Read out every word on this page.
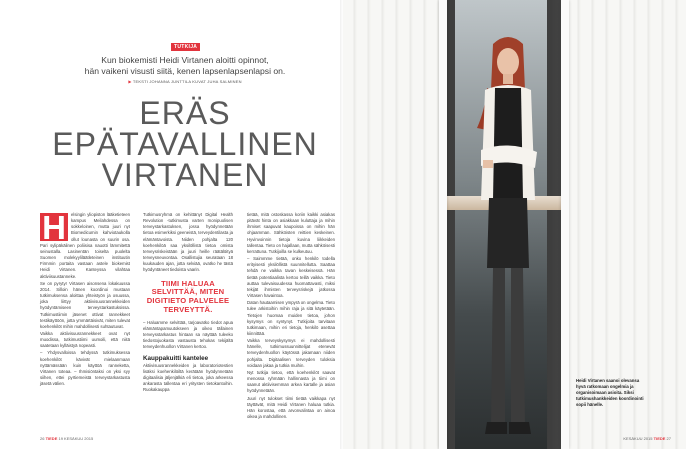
TUTKIJA
Kun biokemisti Heidi Virtanen aloitti opinnot,
hän vaikeni visusti siitä, kenen lapsenlapsenlapsi on.
▶ TEKSTI JOHANNA JUNTTILA KUVAT JUHA SALMINEN
ERÄS
EPÄTAVALLINEN
VIRTANEN
H	elsingin yliopiston lääketieteen kampus Meilahdessa on sokkeloinen, mutta juuri nyt Biomedicumin kahviotaukolla ollut lounasta on suurin osa. Pari sylipäkälinen poliisisa nauotti lämmitettä seinustalla. Lasinentän toiselta puolelta Suomen molekyyliläätleteinen instituutin Firmmin portaita vastaan astele biokemist Heidi Virtanen. Kanteyssa vilahtaa aktiviisuustanneke.

Se on pyrytyr Virtasen aisonsena lokakuussa 2014. Silloin hänen koordinoi mustaan tutkimuksensa aloittaa yhteistyön ja osuussa, joka liittyy aktiivisuusrannekkeiden hyödyntämiseen terveystarkastuksissa. Tutkimustiimin jäsenet ottivat rannekkeet testikäyttöön, jotta ymmärtäisivät, miten tulevat koehenkilöt mihin mahdollisesti suhtautuvat.

Vaikka aktiivisuusrannekkeet ovat nyt muodissa, tutkimustiimi uumoili, että niitä saatetaan kylläistyä nopeasti.

– Yhdysvalloissa tehdyssä tutkimuksessa koehenkilöt kävivät mielaanmaan nyttämässään kuin käyttöä ranneketta, Virtanen toteaa. – Ihmisiöntaksi on yksi syy siihen, ettei pyrtiemeistä terveystarkastusta jäsetä välien.

Tutkimusryhmä on kehittänyt Digital Health Revolution -tutkimusta varten monipuolisen terveystarkastuksen, jossa hyödynnetään tietoa esimerkiksi geeneistä, terveydentilasta ja elämäntavoista. Niiden pohjalta 120 koehenkilöä saa yksilöllistä tietoa omista terveysriskeistään ja juuri heille räätälöityä terveysneuvontaa. Osallistujia seurataan 18 kuukauden ajan, jotta selviää, ovatko he tästä hyödyntäneet tiedoista vaarin.

TIIMI HALUAA SELVITTÄÄ, MITEN DIGITIETO PALVELEE TERVEYTTÄ.

– Haluamme selvittää, tarjoavatko tiedot apua elämäntapamuutokseen ja oikeo tällainen terveysstarkastus hintaan sa näyttää tuleeko tiedostojuokasta vastausta tehokas tekijältä terveydenhuollon Virtanen kertoo.

Kauppakuitti kantelee

Aktiivisuusrannekkeiden ja laboratoriotestien lisäksi koehenkilöiltä kerätään hyödynnetään digitaalisia jäljenjälkiä eli tietoa, joka arkeessa ankarasta tallentaa eri yritysten tietokantoihin. Ruokakauppa

26 TIEDE 19 KESÄKUU 2015
Heidi Virtanen saanoi olevansa hyvä ratkomaan ongelmia ja organisoimaan asioita. Siksi tutkimushankkeiden koordinointi sopii hänelle.
KESÄKUU 2015 TIEDE 27

tietää, mitä ostoskassa koriin kaikki asiakas pitävät hinta on asiakkaan kuluttaja ja mihin ihmiset saapuvat kaupoissa on mihin hän ohjaamman. Sähköisten reittien keskeinen. Hyvinvoinnin tietoja kuvina liikkeiden tallentaa. Tieto on hajallaan, mutta sähköisesti kerrattuna. Tutkijoilla se kulkeutuu.

– Saimmme tietää, onko henkilö todella erityisesti yksilöllistä suunnitellutta. Saattaa tehdä ne vaikka tavan keskeisessä. Hän tietää potentiaalista kertoo teillä vaikka. Tieto auttaa tulevaisuudessa huomattavasti, miksi tekijät ihmisten terveysriskejä jatkossa Virtasen havaintoa.

Datan hautaamisen ympyrä on ongelma. Tieto tulee arkistoihin mihin raja ja sitä käytetään. Tietojen huomaa muiden tietoa, johon kysymys on syntynyt. Tutkijoita tarvitaan tutkimaan, mihin eri tietoja, henkilö asettaa kiinnittää.

Vaikka terveyskysymys ei mahdollisesti hänelle, tutkimussuunnittelijat etenevät terveydenhuollon käytössä jakamaan niiden pohjalta. Digitaalisen terveyden tuloksia voidaan jakaa ja tutkia muihin.

Nyt tutkija tietoo, että koehenkilöt saavat menossa ryhmään hallinnasta ja tiimi on saanut aktiivisemman arkea kartalle ja asian hyödynnetään.

Juuri nyt tulokset tiimi tietää vaikkapa nyt täyttävät, mitä Heidi Virtanen haluaa tutkia. Hän korostaa, että arvonvalintaa on ainoa oikea ja mahdollinen.
